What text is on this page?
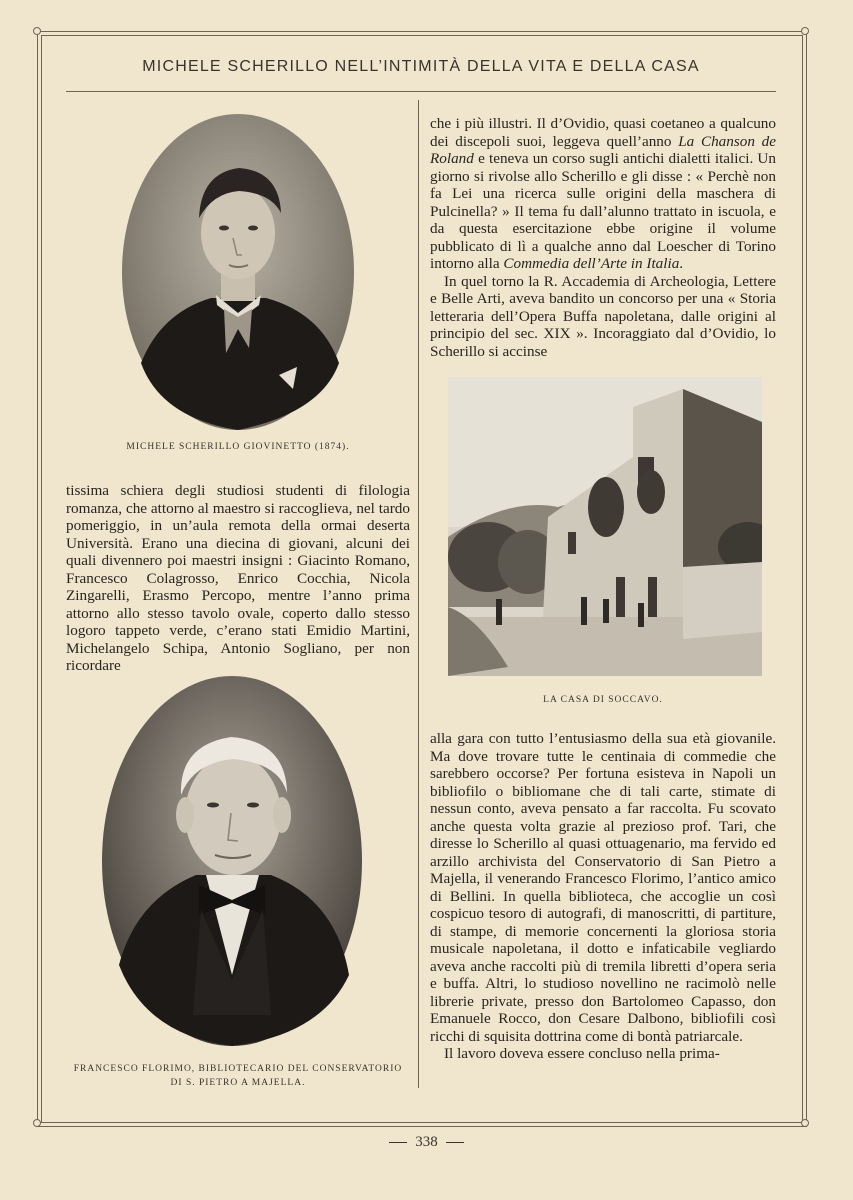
MICHELE SCHERILLO NELL’INTIMITÀ DELLA VITA E DELLA CASA
MICHELE SCHERILLO GIOVINETTO (1874).

tissima schiera degli studiosi studenti di filologia romanza, che attorno al maestro si raccoglieva, nel tardo pomeriggio, in un’aula remota della ormai deserta Università. Erano una diecina di giovani, alcuni dei quali divennero poi maestri insigni : Giacinto Romano, Francesco Colagrosso, Enrico Cocchia, Nicola Zingarelli, Erasmo Percopo, mentre l’anno prima attorno allo stesso tavolo ovale, coperto dallo stesso logoro tappeto verde, c’erano stati Emidio Martini, Michelangelo Schipa, Antonio Sogliano, per non ricordare

FRANCESCO FLORIMO, BIBLIOTECARIO DEL CONSERVATORIO
DI S. PIETRO A MAJELLA.

che i più illustri. Il d’Ovidio, quasi coetaneo a qualcuno dei discepoli suoi, leggeva quell’anno La Chanson de Roland e teneva un corso sugli antichi dialetti italici. Un giorno si rivolse allo Scherillo e gli disse : « Perchè non fa Lei una ricerca sulle origini della maschera di Pulcinella? » Il tema fu dall’alunno trattato in iscuola, e da questa esercitazione ebbe origine il volume pubblicato di lì a qualche anno dal Loescher di Torino intorno alla Commedia dell’Arte in Italia.

In quel torno la R. Accademia di Archeologia, Lettere e Belle Arti, aveva bandito un concorso per una « Storia letteraria dell’Opera Buffa napoletana, dalle origini al principio del sec. XIX ». Incoraggiato dal d’Ovidio, lo Scherillo si accinse

LA CASA DI SOCCAVO.

alla gara con tutto l’entusiasmo della sua età giovanile. Ma dove trovare tutte le centinaia di commedie che sarebbero occorse? Per fortuna esisteva in Napoli un bibliofilo o bibliomane che di tali carte, stimate di nessun conto, aveva pensato a far raccolta. Fu scovato anche questa volta grazie al prezioso prof. Tari, che diresse lo Scherillo al quasi ottuagenario, ma fervido ed arzillo archivista del Conservatorio di San Pietro a Majella, il venerando Francesco Florimo, l’antico amico di Bellini. In quella biblioteca, che accoglie un così cospicuo tesoro di autografi, di manoscritti, di partiture, di stampe, di memorie concernenti la gloriosa storia musicale napoletana, il dotto e infaticabile vegliardo aveva anche raccolti più di tremila libretti d’opera seria e buffa. Altri, lo studioso novellino ne racimolò nelle librerie private, presso don Bartolomeo Capasso, don Emanuele Rocco, don Cesare Dalbono, bibliofili così ricchi di squisita dottrina come di bontà patriarcale.

Il lavoro doveva essere concluso nella prima-

338
